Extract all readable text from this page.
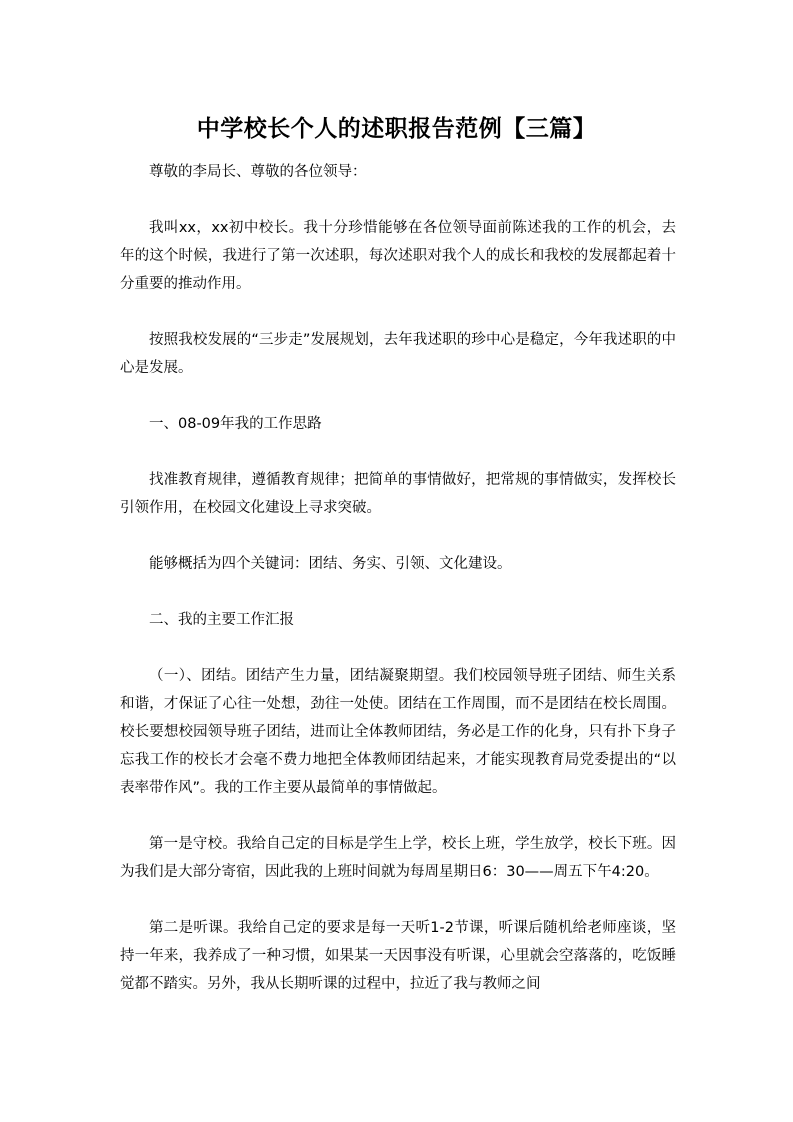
中学校长个人的述职报告范例【三篇】

尊敬的李局长、尊敬的各位领导：

我叫xx，xx初中校长。我十分珍惜能够在各位领导面前陈述我的工作的机会，去年的这个时候，我进行了第一次述职，每次述职对我个人的成长和我校的发展都起着十分重要的推动作用。

按照我校发展的“三步走”发展规划，去年我述职的珍中心是稳定，今年我述职的中心是发展。

一、08-09年我的工作思路

找准教育规律，遵循教育规律；把简单的事情做好，把常规的事情做实，发挥校长引领作用，在校园文化建设上寻求突破。

能够概括为四个关键词：团结、务实、引领、文化建设。

二、我的主要工作汇报

（一）、团结。团结产生力量，团结凝聚期望。我们校园领导班子团结、师生关系和谐，才保证了心往一处想，劲往一处使。团结在工作周围，而不是团结在校长周围。校长要想校园领导班子团结，进而让全体教师团结，务必是工作的化身，只有扑下身子忘我工作的校长才会毫不费力地把全体教师团结起来，才能实现教育局党委提出的“以表率带作风”。我的工作主要从最简单的事情做起。

第一是守校。我给自己定的目标是学生上学，校长上班，学生放学，校长下班。因为我们是大部分寄宿，因此我的上班时间就为每周星期日6：30——周五下午4:20。

第二是听课。我给自己定的要求是每一天听1-2节课，听课后随机给老师座谈，坚持一年来，我养成了一种习惯，如果某一天因事没有听课，心里就会空落落的，吃饭睡觉都不踏实。另外，我从长期听课的过程中，拉近了我与教师之间
